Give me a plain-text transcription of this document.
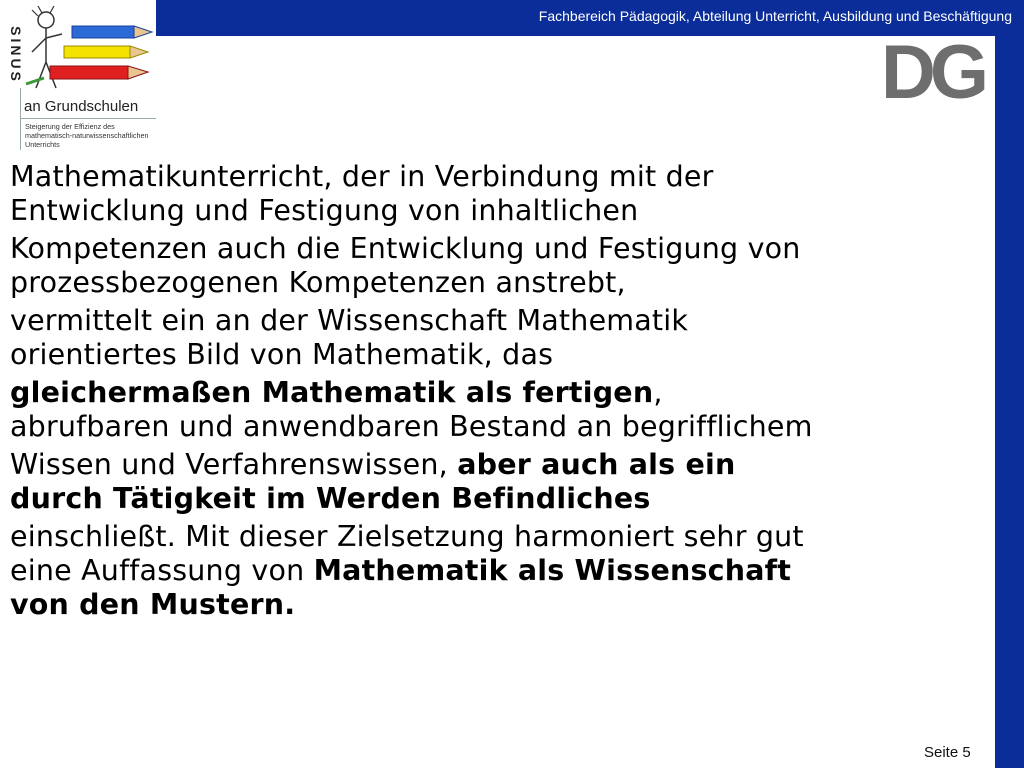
Fachbereich Pädagogik, Abteilung Unterricht, Ausbildung und Beschäftigung
SINUS
an Grundschulen
Steigerung der Effizienz des
mathematisch-naturwissenschaftlichen
Unterrichts
DG
Mathematikunterricht, der in Verbindung mit der
Entwicklung und Festigung von inhaltlichen
Kompetenzen auch die Entwicklung und Festigung von
prozessbezogenen Kompetenzen anstrebt,
vermittelt ein an der Wissenschaft Mathematik
orientiertes Bild von Mathematik, das
gleichermaßen Mathematik als fertigen,
abrufbaren und anwendbaren Bestand an begrifflichem
Wissen und Verfahrenswissen, aber auch als ein
durch Tätigkeit im Werden Befindliches
einschließt. Mit dieser Zielsetzung harmoniert sehr gut
eine Auffassung von Mathematik als Wissenschaft
von den Mustern.
Seite 5
